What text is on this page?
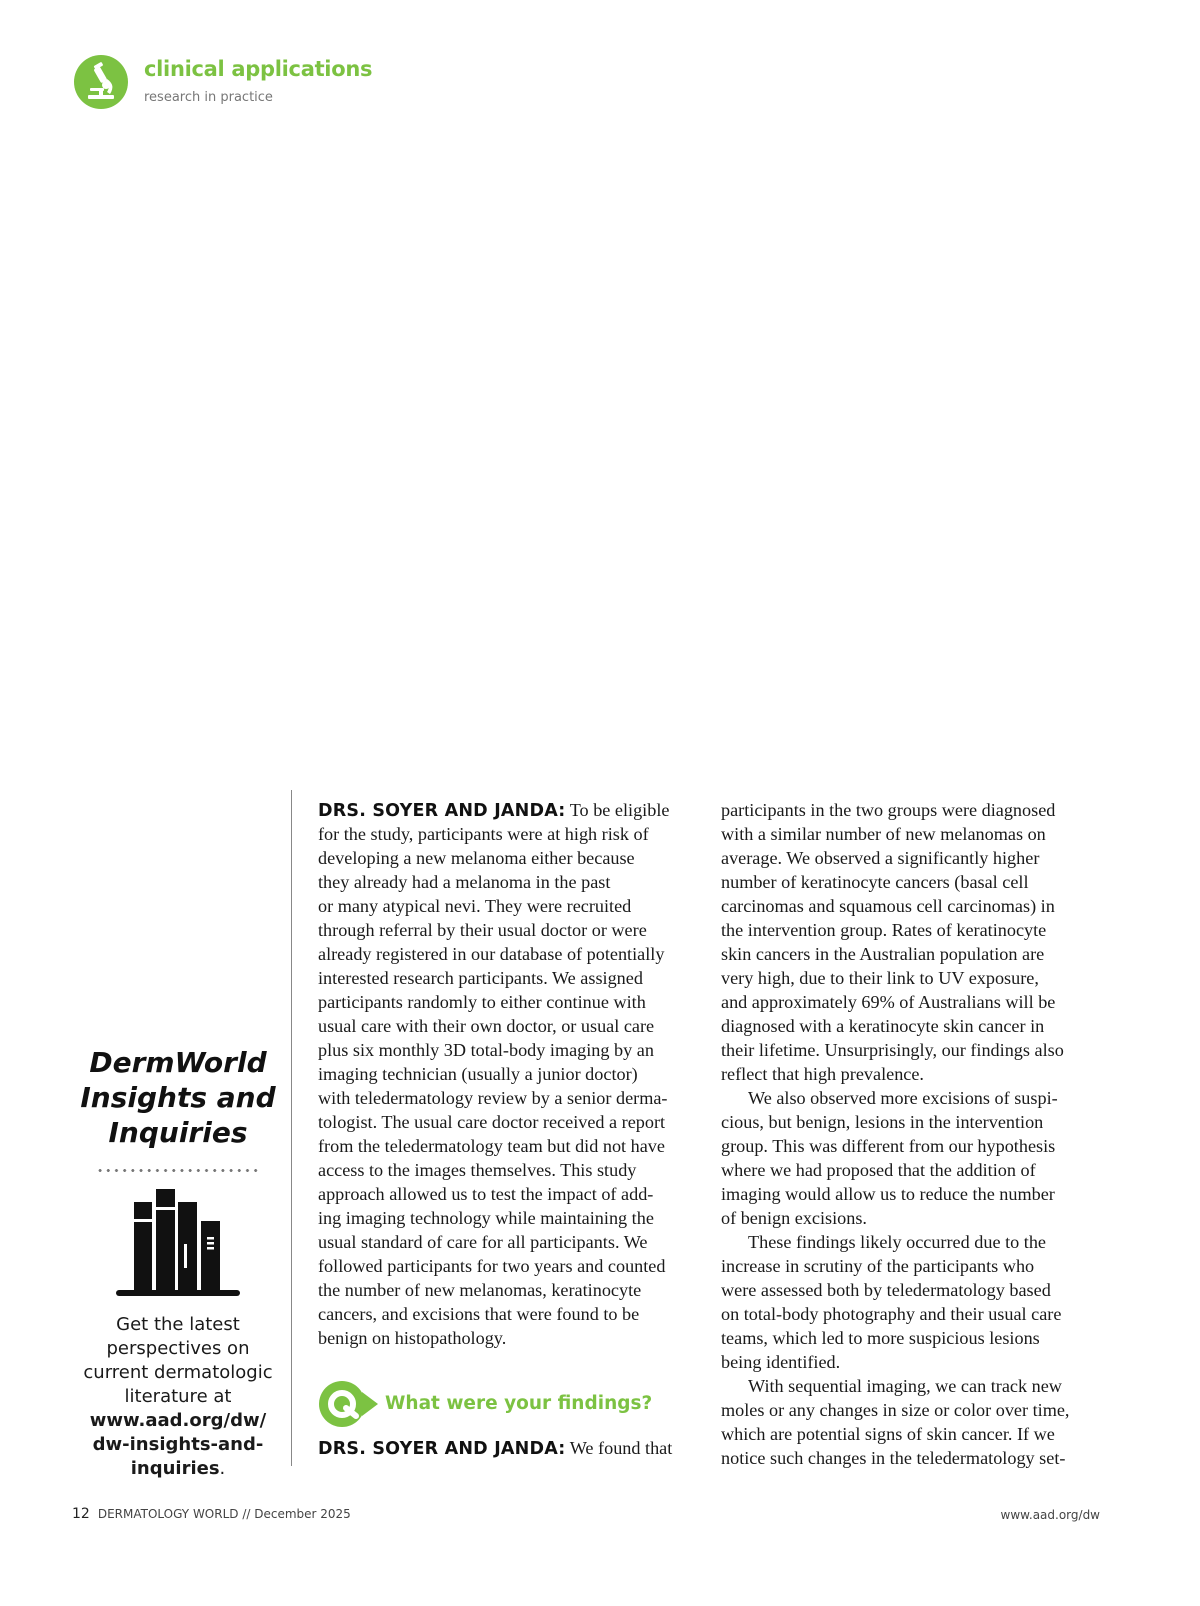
clinical applications
research in practice

DermWorld
Insights and
Inquiries

Get the latest
perspectives on
current dermatologic
literature at
www.aad.org/dw/
dw-insights-and-
inquiries.
DRS. SOYER AND JANDA: To be eligible
for the study, participants were at high risk of
developing a new melanoma either because
they already had a melanoma in the past
or many atypical nevi. They were recruited
through referral by their usual doctor or were
already registered in our database of potentially
interested research participants. We assigned
participants randomly to either continue with
usual care with their own doctor, or usual care
plus six monthly 3D total-body imaging by an
imaging technician (usually a junior doctor)
with teledermatology review by a senior derma-
tologist. The usual care doctor received a report
from the teledermatology team but did not have
access to the images themselves. This study
approach allowed us to test the impact of add-
ing imaging technology while maintaining the
usual standard of care for all participants. We
followed participants for two years and counted
the number of new melanomas, keratinocyte
cancers, and excisions that were found to be
benign on histopathology.
What were your findings?
DRS. SOYER AND JANDA: We found that
participants in the two groups were diagnosed
with a similar number of new melanomas on
average. We observed a significantly higher
number of keratinocyte cancers (basal cell
carcinomas and squamous cell carcinomas) in
the intervention group. Rates of keratinocyte
skin cancers in the Australian population are
very high, due to their link to UV exposure,
and approximately 69% of Australians will be
diagnosed with a keratinocyte skin cancer in
their lifetime. Unsurprisingly, our findings also
reflect that high prevalence.
We also observed more excisions of suspi-
cious, but benign, lesions in the intervention
group. This was different from our hypothesis
where we had proposed that the addition of
imaging would allow us to reduce the number
of benign excisions.
These findings likely occurred due to the
increase in scrutiny of the participants who
were assessed both by teledermatology based
on total-body photography and their usual care
teams, which led to more suspicious lesions
being identified.
With sequential imaging, we can track new
moles or any changes in size or color over time,
which are potential signs of skin cancer. If we
notice such changes in the teledermatology set-
12 DERMATOLOGY WORLD // December 2025	www.aad.org/dw
